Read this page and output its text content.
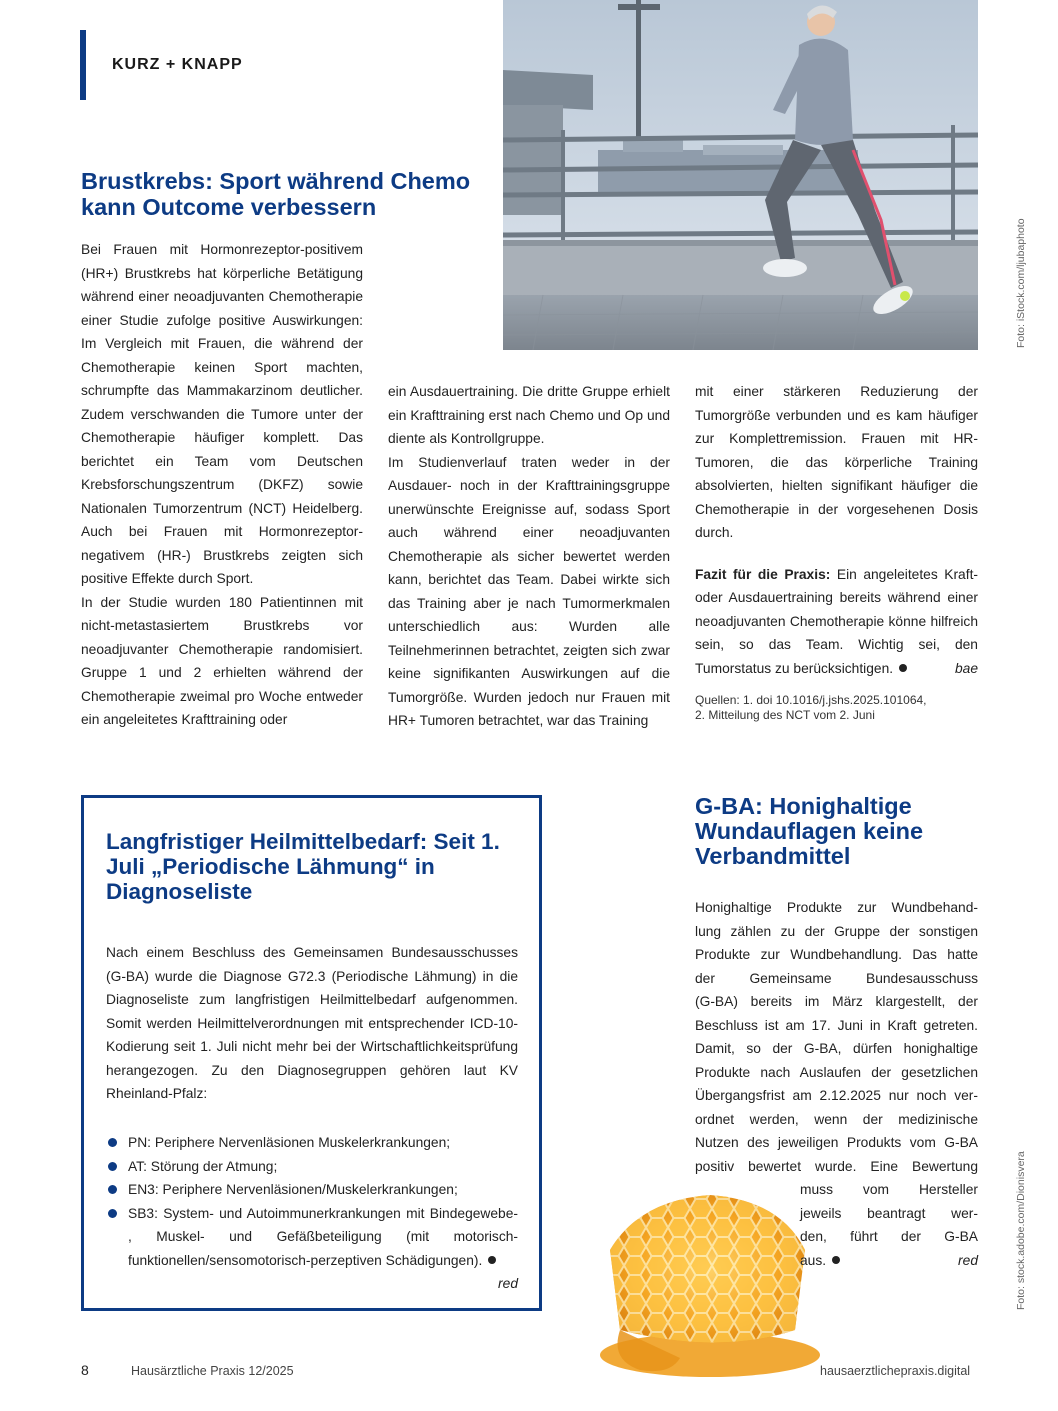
KURZ + KNAPP
Foto: iStock.com/ljubaphoto
Brustkrebs: Sport während Chemo kann Outcome verbessern

Bei Frauen mit Hormonrezeptor-positivem (HR+) Brustkrebs hat körperliche Betätigung während einer neoadjuvanten Chemotherapie einer Studie zufolge positive Auswirkungen: Im Vergleich mit Frauen, die während der Chemotherapie keinen Sport machten, schrumpfte das Mammakarzinom deutlicher. Zudem verschwanden die Tumore unter der Chemotherapie häufiger komplett. Das berichtet ein Team vom Deutschen Krebsforschungszentrum (DKFZ) sowie Nationalen Tumorzentrum (NCT) Heidelberg. Auch bei Frauen mit Hormonrezeptor-negativem (HR-) Brustkrebs zeigten sich positive Effekte durch Sport.

In der Studie wurden 180 Patientinnen mit nicht-metastasiertem Brustkrebs vor neoadjuvanter Chemotherapie randomisiert. Gruppe 1 und 2 erhielten während der Chemotherapie zweimal pro Woche entweder ein angeleitetes Krafttraining oder

ein Ausdauertraining. Die dritte Gruppe erhielt ein Krafttraining erst nach Chemo und Op und diente als Kontrollgruppe.

Im Studienverlauf traten weder in der Ausdauer- noch in der Krafttrainingsgruppe unerwünschte Ereignisse auf, sodass Sport auch während einer neoadjuvanten Chemotherapie als sicher bewertet werden kann, berichtet das Team. Dabei wirkte sich das Training aber je nach Tumormerkmalen unterschiedlich aus: Wurden alle Teilnehmerinnen betrachtet, zeigten sich zwar keine signifikanten Auswirkungen auf die Tumorgröße. Wurden jedoch nur Frauen mit HR+ Tumoren betrachtet, war das Training

mit einer stärkeren Reduzierung der Tumorgröße verbunden und es kam häufiger zur Komplettremission. Frauen mit HR- Tumoren, die das körperliche Training absolvierten, hielten signifikant häufiger die Chemotherapie in der vorgesehenen Dosis durch.

Fazit für die Praxis: Ein angeleitetes Kraft- oder Ausdauertraining bereits während einer neoadjuvanten Chemotherapie könne hilfreich sein, so das Team. Wichtig sei, den Tumorstatus zu berücksichtigen.	bae

Quellen: 1. doi 10.1016/j.jshs.2025.101064,
2. Mitteilung des NCT vom 2. Juni
Langfristiger Heilmittelbedarf: Seit 1. Juli „Periodische Lähmung“ in Diagnoseliste

Nach einem Beschluss des Gemeinsamen Bundesausschusses (G-BA) wurde die Diagnose G72.3 (Periodische Lähmung) in die Diagnoseliste zum langfristigen Heilmittelbedarf aufgenommen. Somit werden Heilmittelverordnungen mit entsprechender ICD-10-Kodierung seit 1. Juli nicht mehr bei der Wirtschaftlichkeitsprüfung herangezogen. Zu den Diagnosegruppen gehören laut KV Rheinland-Pfalz:

PN: Periphere Nervenläsionen Muskelerkrankungen;
AT: Störung der Atmung;
EN3: Periphere Nervenläsionen/Muskelerkrankungen;
SB3: System- und Autoimmunerkrankungen mit Bindegewebe- , Muskel- und Gefäßbeteiligung (mit motorisch-funktionellen/sensomotorisch-perzeptiven Schädigungen).
red	Foto: stock.adobe.com/Dionisvera
G-BA: Honighaltige Wundauflagen keine Verbandmittel
Honighaltige Produkte zur Wundbehand-
lung zählen zu der Gruppe der sonstigen
Produkte zur Wundbehandlung. Das hatte
der Gemeinsame Bundesausschuss
(G-BA) bereits im März klargestellt, der
Beschluss ist am 17. Juni in Kraft getreten.
Damit, so der G-BA, dürfen honighaltige
Produkte nach Auslaufen der gesetzlichen
Übergangsfrist am 2.12.2025 nur noch ver-
ordnet werden, wenn der medizinische
Nutzen des jeweiligen Produkts vom G-BA
positiv bewertet wurde. Eine Bewertung
muss vom Hersteller
jeweils beantragt wer-
den, führt der G-BA
aus.	red
8	Hausärztliche Praxis 12/2025	hausaerztlichepraxis.digital
